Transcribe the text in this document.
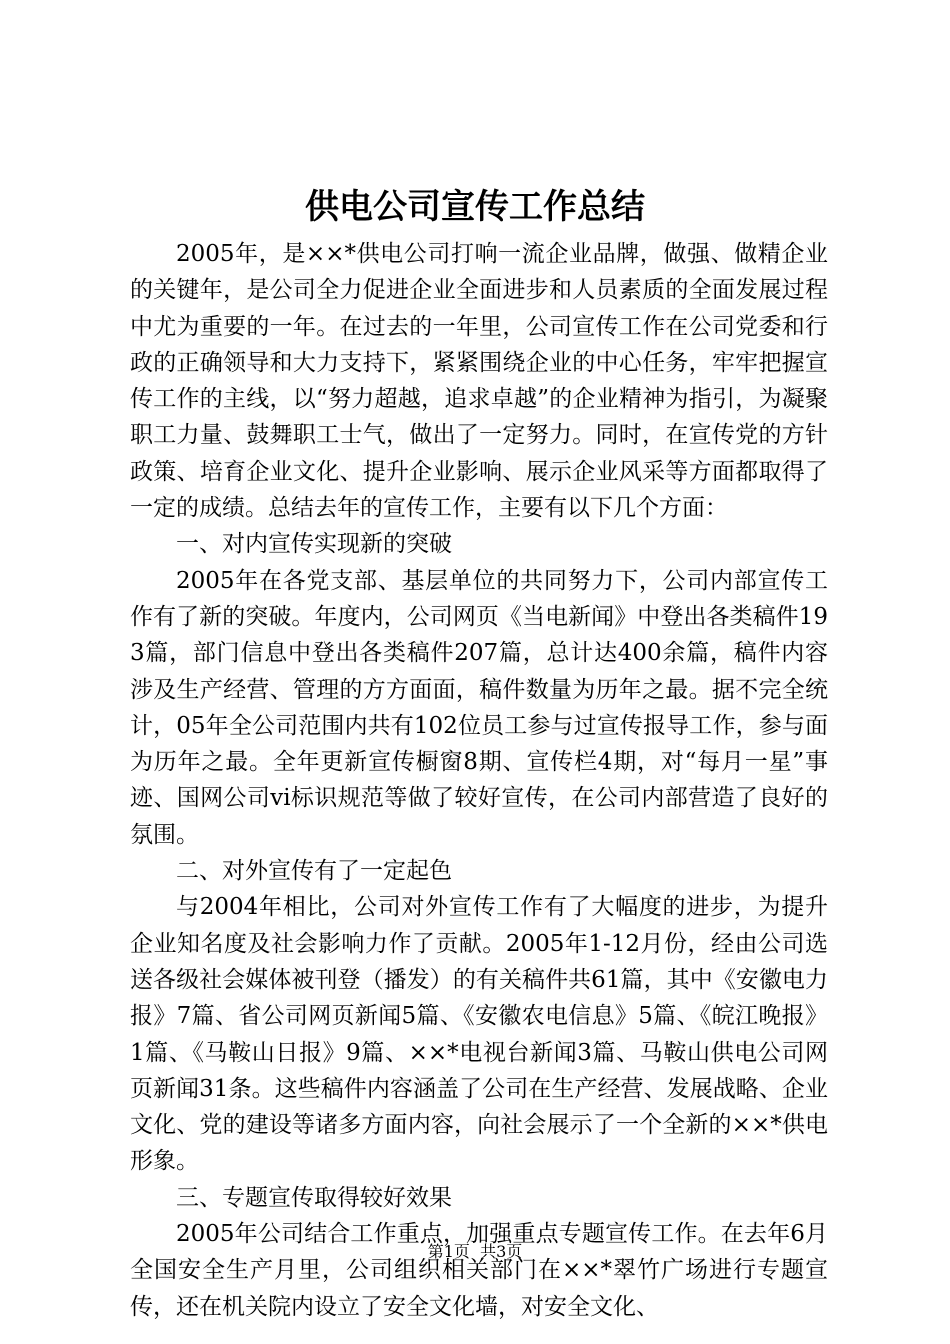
供电公司宣传工作总结

2005年，是××*供电公司打响一流企业品牌，做强、做精企业的关键年，是公司全力促进企业全面进步和人员素质的全面发展过程中尤为重要的一年。在过去的一年里，公司宣传工作在公司党委和行政的正确领导和大力支持下，紧紧围绕企业的中心任务，牢牢把握宣传工作的主线，以“努力超越，追求卓越”的企业精神为指引，为凝聚职工力量、鼓舞职工士气，做出了一定努力。同时，在宣传党的方针政策、培育企业文化、提升企业影响、展示企业风采等方面都取得了一定的成绩。总结去年的宣传工作，主要有以下几个方面：

一、对内宣传实现新的突破

2005年在各党支部、基层单位的共同努力下，公司内部宣传工作有了新的突破。年度内，公司网页《当电新闻》中登出各类稿件193篇，部门信息中登出各类稿件207篇，总计达400余篇，稿件内容涉及生产经营、管理的方方面面，稿件数量为历年之最。据不完全统计，05年全公司范围内共有102位员工参与过宣传报导工作，参与面为历年之最。全年更新宣传橱窗8期、宣传栏4期，对“每月一星”事迹、国网公司vi标识规范等做了较好宣传，在公司内部营造了良好的氛围。

二、对外宣传有了一定起色

与2004年相比，公司对外宣传工作有了大幅度的进步，为提升企业知名度及社会影响力作了贡献。2005年1-12月份，经由公司选送各级社会媒体被刊登（播发）的有关稿件共61篇，其中《安徽电力报》7篇、省公司网页新闻5篇、《安徽农电信息》5篇、《皖江晚报》1篇、《马鞍山日报》9篇、××*电视台新闻3篇、马鞍山供电公司网页新闻31条。这些稿件内容涵盖了公司在生产经营、发展战略、企业文化、党的建设等诸多方面内容，向社会展示了一个全新的××*供电形象。

三、专题宣传取得较好效果

2005年公司结合工作重点，加强重点专题宣传工作。在去年6月全国安全生产月里，公司组织相关部门在××*翠竹广场进行专题宣传，还在机关院内设立了安全文化墙，对安全文化、

第1页 共3页
